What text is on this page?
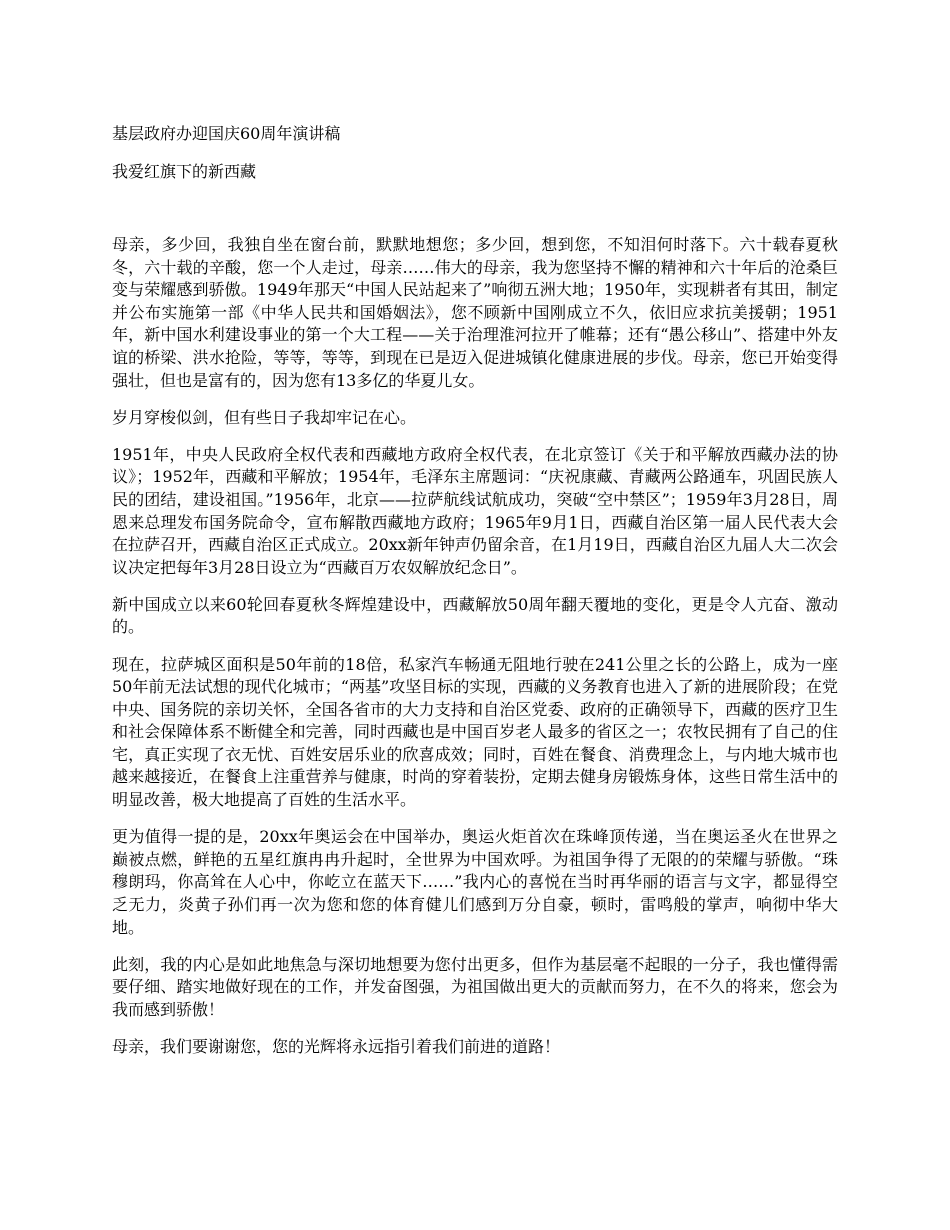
基层政府办迎国庆60周年演讲稿

我爱红旗下的新西藏

母亲，多少回，我独自坐在窗台前，默默地想您；多少回，想到您，不知泪何时落下。六十载春夏秋冬，六十载的辛酸，您一个人走过，母亲……伟大的母亲，我为您坚持不懈的精神和六十年后的沧桑巨变与荣耀感到骄傲。1949年那天“中国人民站起来了”响彻五洲大地；1950年，实现耕者有其田，制定并公布实施第一部《中华人民共和国婚姻法》，您不顾新中国刚成立不久，依旧应求抗美援朝；1951年，新中国水利建设事业的第一个大工程——关于治理淮河拉开了帷幕；还有“愚公移山”、搭建中外友谊的桥梁、洪水抢险，等等，等等，到现在已是迈入促进城镇化健康进展的步伐。母亲，您已开始变得强壮，但也是富有的，因为您有13多亿的华夏儿女。

岁月穿梭似剑，但有些日子我却牢记在心。

1951年，中央人民政府全权代表和西藏地方政府全权代表，在北京签订《关于和平解放西藏办法的协议》；1952年，西藏和平解放；1954年，毛泽东主席题词：“庆祝康藏、青藏两公路通车，巩固民族人民的团结，建设祖国。”1956年，北京——拉萨航线试航成功，突破“空中禁区”；1959年3月28日，周恩来总理发布国务院命令，宣布解散西藏地方政府；1965年9月1日，西藏自治区第一届人民代表大会在拉萨召开，西藏自治区正式成立。20xx新年钟声仍留余音，在1月19日，西藏自治区九届人大二次会议决定把每年3月28日设立为“西藏百万农奴解放纪念日”。

新中国成立以来60轮回春夏秋冬辉煌建设中，西藏解放50周年翻天覆地的变化，更是令人亢奋、激动的。

现在，拉萨城区面积是50年前的18倍，私家汽车畅通无阻地行驶在241公里之长的公路上，成为一座50年前无法试想的现代化城市；“两基”攻坚目标的实现，西藏的义务教育也进入了新的进展阶段；在党中央、国务院的亲切关怀，全国各省市的大力支持和自治区党委、政府的正确领导下，西藏的医疗卫生和社会保障体系不断健全和完善，同时西藏也是中国百岁老人最多的省区之一；农牧民拥有了自己的住宅，真正实现了衣无忧、百姓安居乐业的欣喜成效；同时，百姓在餐食、消费理念上，与内地大城市也越来越接近，在餐食上注重营养与健康，时尚的穿着装扮，定期去健身房锻炼身体，这些日常生活中的明显改善，极大地提高了百姓的生活水平。

更为值得一提的是，20xx年奥运会在中国举办，奥运火炬首次在珠峰顶传递，当在奥运圣火在世界之巅被点燃，鲜艳的五星红旗冉冉升起时，全世界为中国欢呼。为祖国争得了无限的的荣耀与骄傲。“珠穆朗玛，你高耸在人心中，你屹立在蓝天下……”我内心的喜悦在当时再华丽的语言与文字，都显得空乏无力，炎黄子孙们再一次为您和您的体育健儿们感到万分自豪，顿时，雷鸣般的掌声，响彻中华大地。

此刻，我的内心是如此地焦急与深切地想要为您付出更多，但作为基层毫不起眼的一分子，我也懂得需要仔细、踏实地做好现在的工作，并发奋图强，为祖国做出更大的贡献而努力，在不久的将来，您会为我而感到骄傲！

母亲，我们要谢谢您，您的光辉将永远指引着我们前进的道路！
